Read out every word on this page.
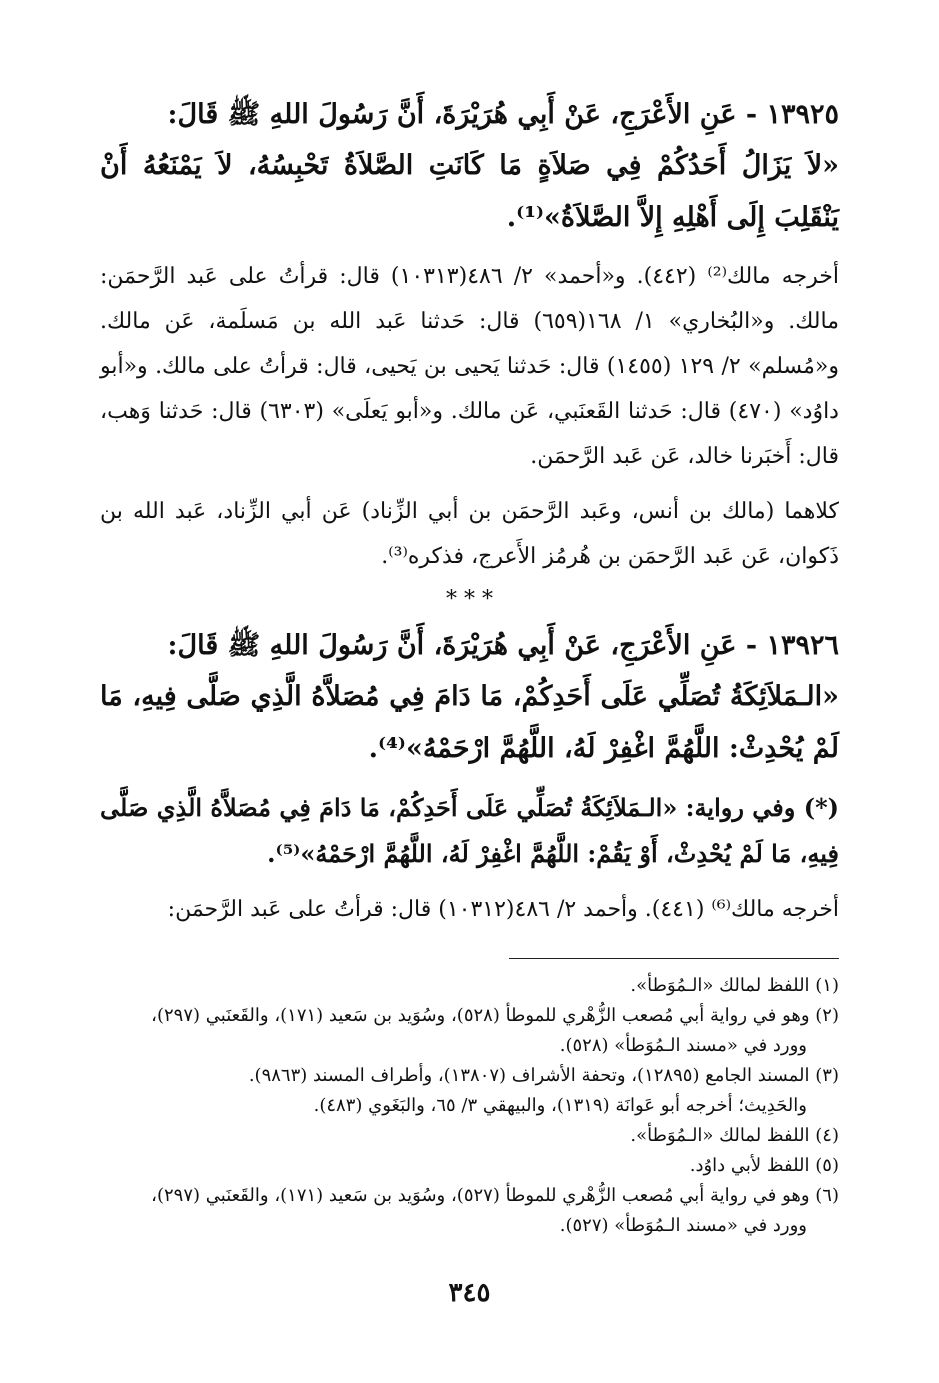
١٣٩٢٥ - عَنِ الأَعْرَجِ، عَنْ أَبِي هُرَيْرَةَ، أَنَّ رَسُولَ اللهِ ﷺ قَالَ:

«لاَ يَزَالُ أَحَدُكُمْ فِي صَلاَةٍ مَا كَانَتِ الصَّلاَةُ تَحْبِسُهُ، لاَ يَمْنَعُهُ أَنْ يَنْقَلِبَ إِلَى أَهْلِهِ إِلاَّ الصَّلاَةُ»⁽¹⁾.

أخرجه مالك⁽²⁾ (٤٤٢). و«أحمد» ٢/ ٤٨٦(١٠٣١٣) قال: قرأتُ على عَبد الرَّحمَن: مالك. و«البُخاري» ١/ ١٦٨(٦٥٩) قال: حَدثنا عَبد الله بن مَسلَمة، عَن مالك. و«مُسلم» ٢/ ١٢٩ (١٤٥٥) قال: حَدثنا يَحيى بن يَحيى، قال: قرأتُ على مالك. و«أبو داوُد» (٤٧٠) قال: حَدثنا القَعنَبي، عَن مالك. و«أبو يَعلَى» (٦٣٠٣) قال: حَدثنا وَهب، قال: أَخبَرنا خالد، عَن عَبد الرَّحمَن.

كلاهما (مالك بن أنس، وعَبد الرَّحمَن بن أبي الزِّناد) عَن أبي الزِّناد، عَبد الله بن ذَكوان، عَن عَبد الرَّحمَن بن هُرمُز الأَعرج، فذكره⁽³⁾.

* * *

١٣٩٢٦ - عَنِ الأَعْرَجِ، عَنْ أَبِي هُرَيْرَةَ، أَنَّ رَسُولَ اللهِ ﷺ قَالَ:

«الـمَلاَئِكَةُ تُصَلِّي عَلَى أَحَدِكُمْ، مَا دَامَ فِي مُصَلاَّهُ الَّذِي صَلَّى فِيهِ، مَا لَمْ يُحْدِثْ: اللَّهُمَّ اغْفِرْ لَهُ، اللَّهُمَّ ارْحَمْهُ»⁽⁴⁾.

(*) وفي رواية: «الـمَلاَئِكَةُ تُصَلِّي عَلَى أَحَدِكُمْ، مَا دَامَ فِي مُصَلاَّهُ الَّذِي صَلَّى فِيهِ، مَا لَمْ يُحْدِثْ، أَوْ يَقُمْ: اللَّهُمَّ اغْفِرْ لَهُ، اللَّهُمَّ ارْحَمْهُ»⁽⁵⁾.

أخرجه مالك⁽⁶⁾ (٤٤١). وأحمد ٢/ ٤٨٦(١٠٣١٢) قال: قرأتُ على عَبد الرَّحمَن:

(١) اللفظ لمالك «الـمُوَطأ».

(٢) وهو في رواية أبي مُصعب الزُّهْري للموطأ (٥٢٨)، وسُوَيد بن سَعيد (١٧١)، والقَعنَبي (٢٩٧)،
وورد في «مسند الـمُوَطأ» (٥٢٨).

(٣) المسند الجامع (١٢٨٩٥)، وتحفة الأشراف (١٣٨٠٧)، وأطراف المسند (٩٨٦٣).
والحَدِيث؛ أخرجه أبو عَوانَة (١٣١٩)، والبيهقي ٣/ ٦٥، والبَغَوي (٤٨٣).

(٤) اللفظ لمالك «الـمُوَطأ».

(٥) اللفظ لأبي داوُد.

(٦) وهو في رواية أبي مُصعب الزُّهْري للموطأ (٥٢٧)، وسُوَيد بن سَعيد (١٧١)، والقَعنَبي (٢٩٧)،
وورد في «مسند الـمُوَطأ» (٥٢٧).

٣٤٥
